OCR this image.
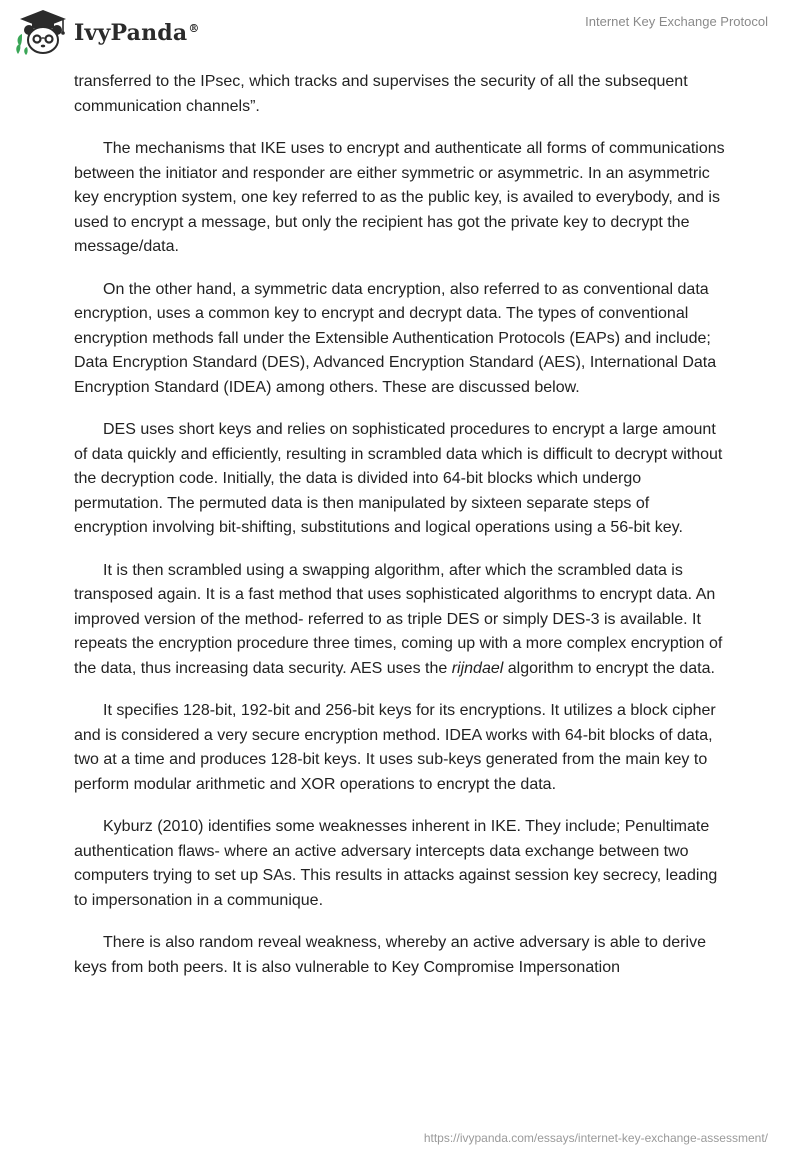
IvyPanda®	Internet Key Exchange Protocol

transferred to the IPsec, which tracks and supervises the security of all the subsequent communication channels”.

The mechanisms that IKE uses to encrypt and authenticate all forms of communications between the initiator and responder are either symmetric or asymmetric. In an asymmetric key encryption system, one key referred to as the public key, is availed to everybody, and is used to encrypt a message, but only the recipient has got the private key to decrypt the message/data.

On the other hand, a symmetric data encryption, also referred to as conventional data encryption, uses a common key to encrypt and decrypt data. The types of conventional encryption methods fall under the Extensible Authentication Protocols (EAPs) and include; Data Encryption Standard (DES), Advanced Encryption Standard (AES), International Data Encryption Standard (IDEA) among others. These are discussed below.

DES uses short keys and relies on sophisticated procedures to encrypt a large amount of data quickly and efficiently, resulting in scrambled data which is difficult to decrypt without the decryption code. Initially, the data is divided into 64-bit blocks which undergo permutation. The permuted data is then manipulated by sixteen separate steps of encryption involving bit-shifting, substitutions and logical operations using a 56-bit key.

It is then scrambled using a swapping algorithm, after which the scrambled data is transposed again. It is a fast method that uses sophisticated algorithms to encrypt data. An improved version of the method- referred to as triple DES or simply DES-3 is available. It repeats the encryption procedure three times, coming up with a more complex encryption of the data, thus increasing data security. AES uses the rijndael algorithm to encrypt the data.

It specifies 128-bit, 192-bit and 256-bit keys for its encryptions. It utilizes a block cipher and is considered a very secure encryption method. IDEA works with 64-bit blocks of data, two at a time and produces 128-bit keys. It uses sub-keys generated from the main key to perform modular arithmetic and XOR operations to encrypt the data.

Kyburz (2010) identifies some weaknesses inherent in IKE. They include; Penultimate authentication flaws- where an active adversary intercepts data exchange between two computers trying to set up SAs. This results in attacks against session key secrecy, leading to impersonation in a communique.

There is also random reveal weakness, whereby an active adversary is able to derive keys from both peers. It is also vulnerable to Key Compromise Impersonation

https://ivypanda.com/essays/internet-key-exchange-assessment/
